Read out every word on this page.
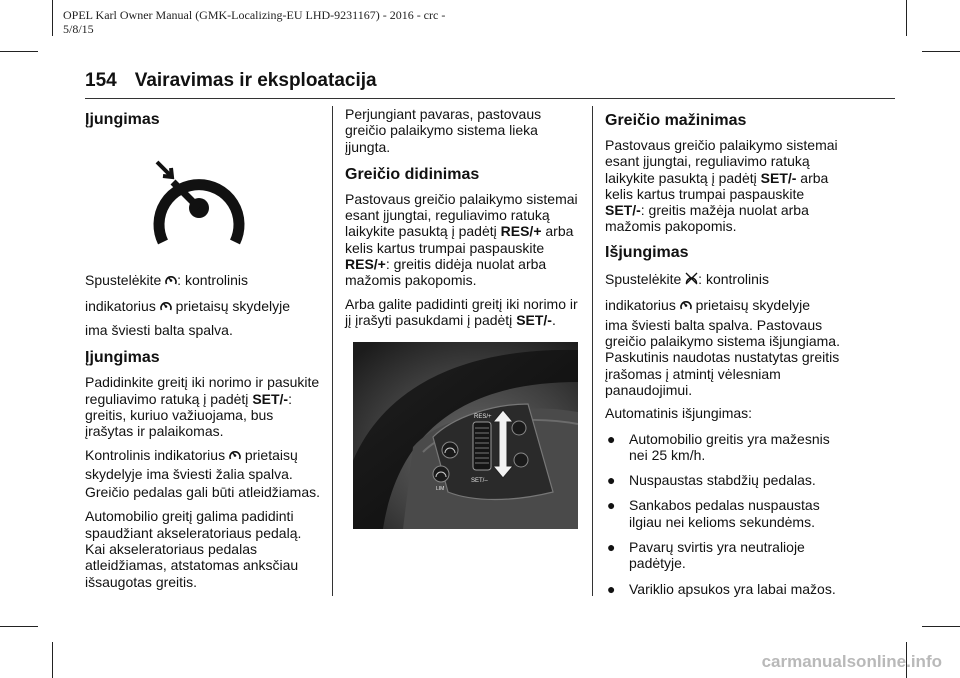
OPEL Karl Owner Manual (GMK-Localizing-EU LHD-9231167) - 2016 - crc -
5/8/15
154 Vairavimas ir eksploatacija
Įjungimas

Spustelėkite : kontrolinis

indikatorius  prietaisų skydelyje

ima šviesti balta spalva.

Įjungimas

Padidinkite greitį iki norimo ir pasukite reguliavimo ratuką į padėtį SET/-: greitis, kuriuo važiuojama, bus įrašytas ir palaikomas.

Kontrolinis indikatorius  prietaisų skydelyje ima šviesti žalia spalva. Greičio pedalas gali būti atleidžiamas.

Automobilio greitį galima padidinti spaudžiant akseleratoriaus pedalą. Kai akseleratoriaus pedalas atleidžiamas, atstatomas anksčiau išsaugotas greitis.

Perjungiant pavaras, pastovaus greičio palaikymo sistema lieka įjungta.

Greičio didinimas

Pastovaus greičio palaikymo sistemai esant įjungtai, reguliavimo ratuką laikykite pasuktą į padėtį RES/+ arba kelis kartus trumpai paspauskite RES/+: greitis didėja nuolat arba mažomis pakopomis.

Arba galite padidinti greitį iki norimo ir jį įrašyti pasukdami į padėtį SET/-.

RES/+
SET/–
LIM
Greičio mažinimas

Pastovaus greičio palaikymo sistemai esant įjungtai, reguliavimo ratuką laikykite pasuktą į padėtį SET/- arba kelis kartus trumpai paspauskite SET/-: greitis mažėja nuolat arba mažomis pakopomis.

Išjungimas

Spustelėkite : kontrolinis

indikatorius  prietaisų skydelyje

ima šviesti balta spalva. Pastovaus greičio palaikymo sistema išjungiama. Paskutinis naudotas nustatytas greitis įrašomas į atmintį vėlesniam panaudojimui.

Automatinis išjungimas:

● Automobilio greitis yra mažesnis nei 25 km/h.
● Nuspaustas stabdžių pedalas.
● Sankabos pedalas nuspaustas ilgiau nei kelioms sekundėms.
● Pavarų svirtis yra neutralioje padėtyje.
● Variklio apsukos yra labai mažos.
carmanualsonline.info
